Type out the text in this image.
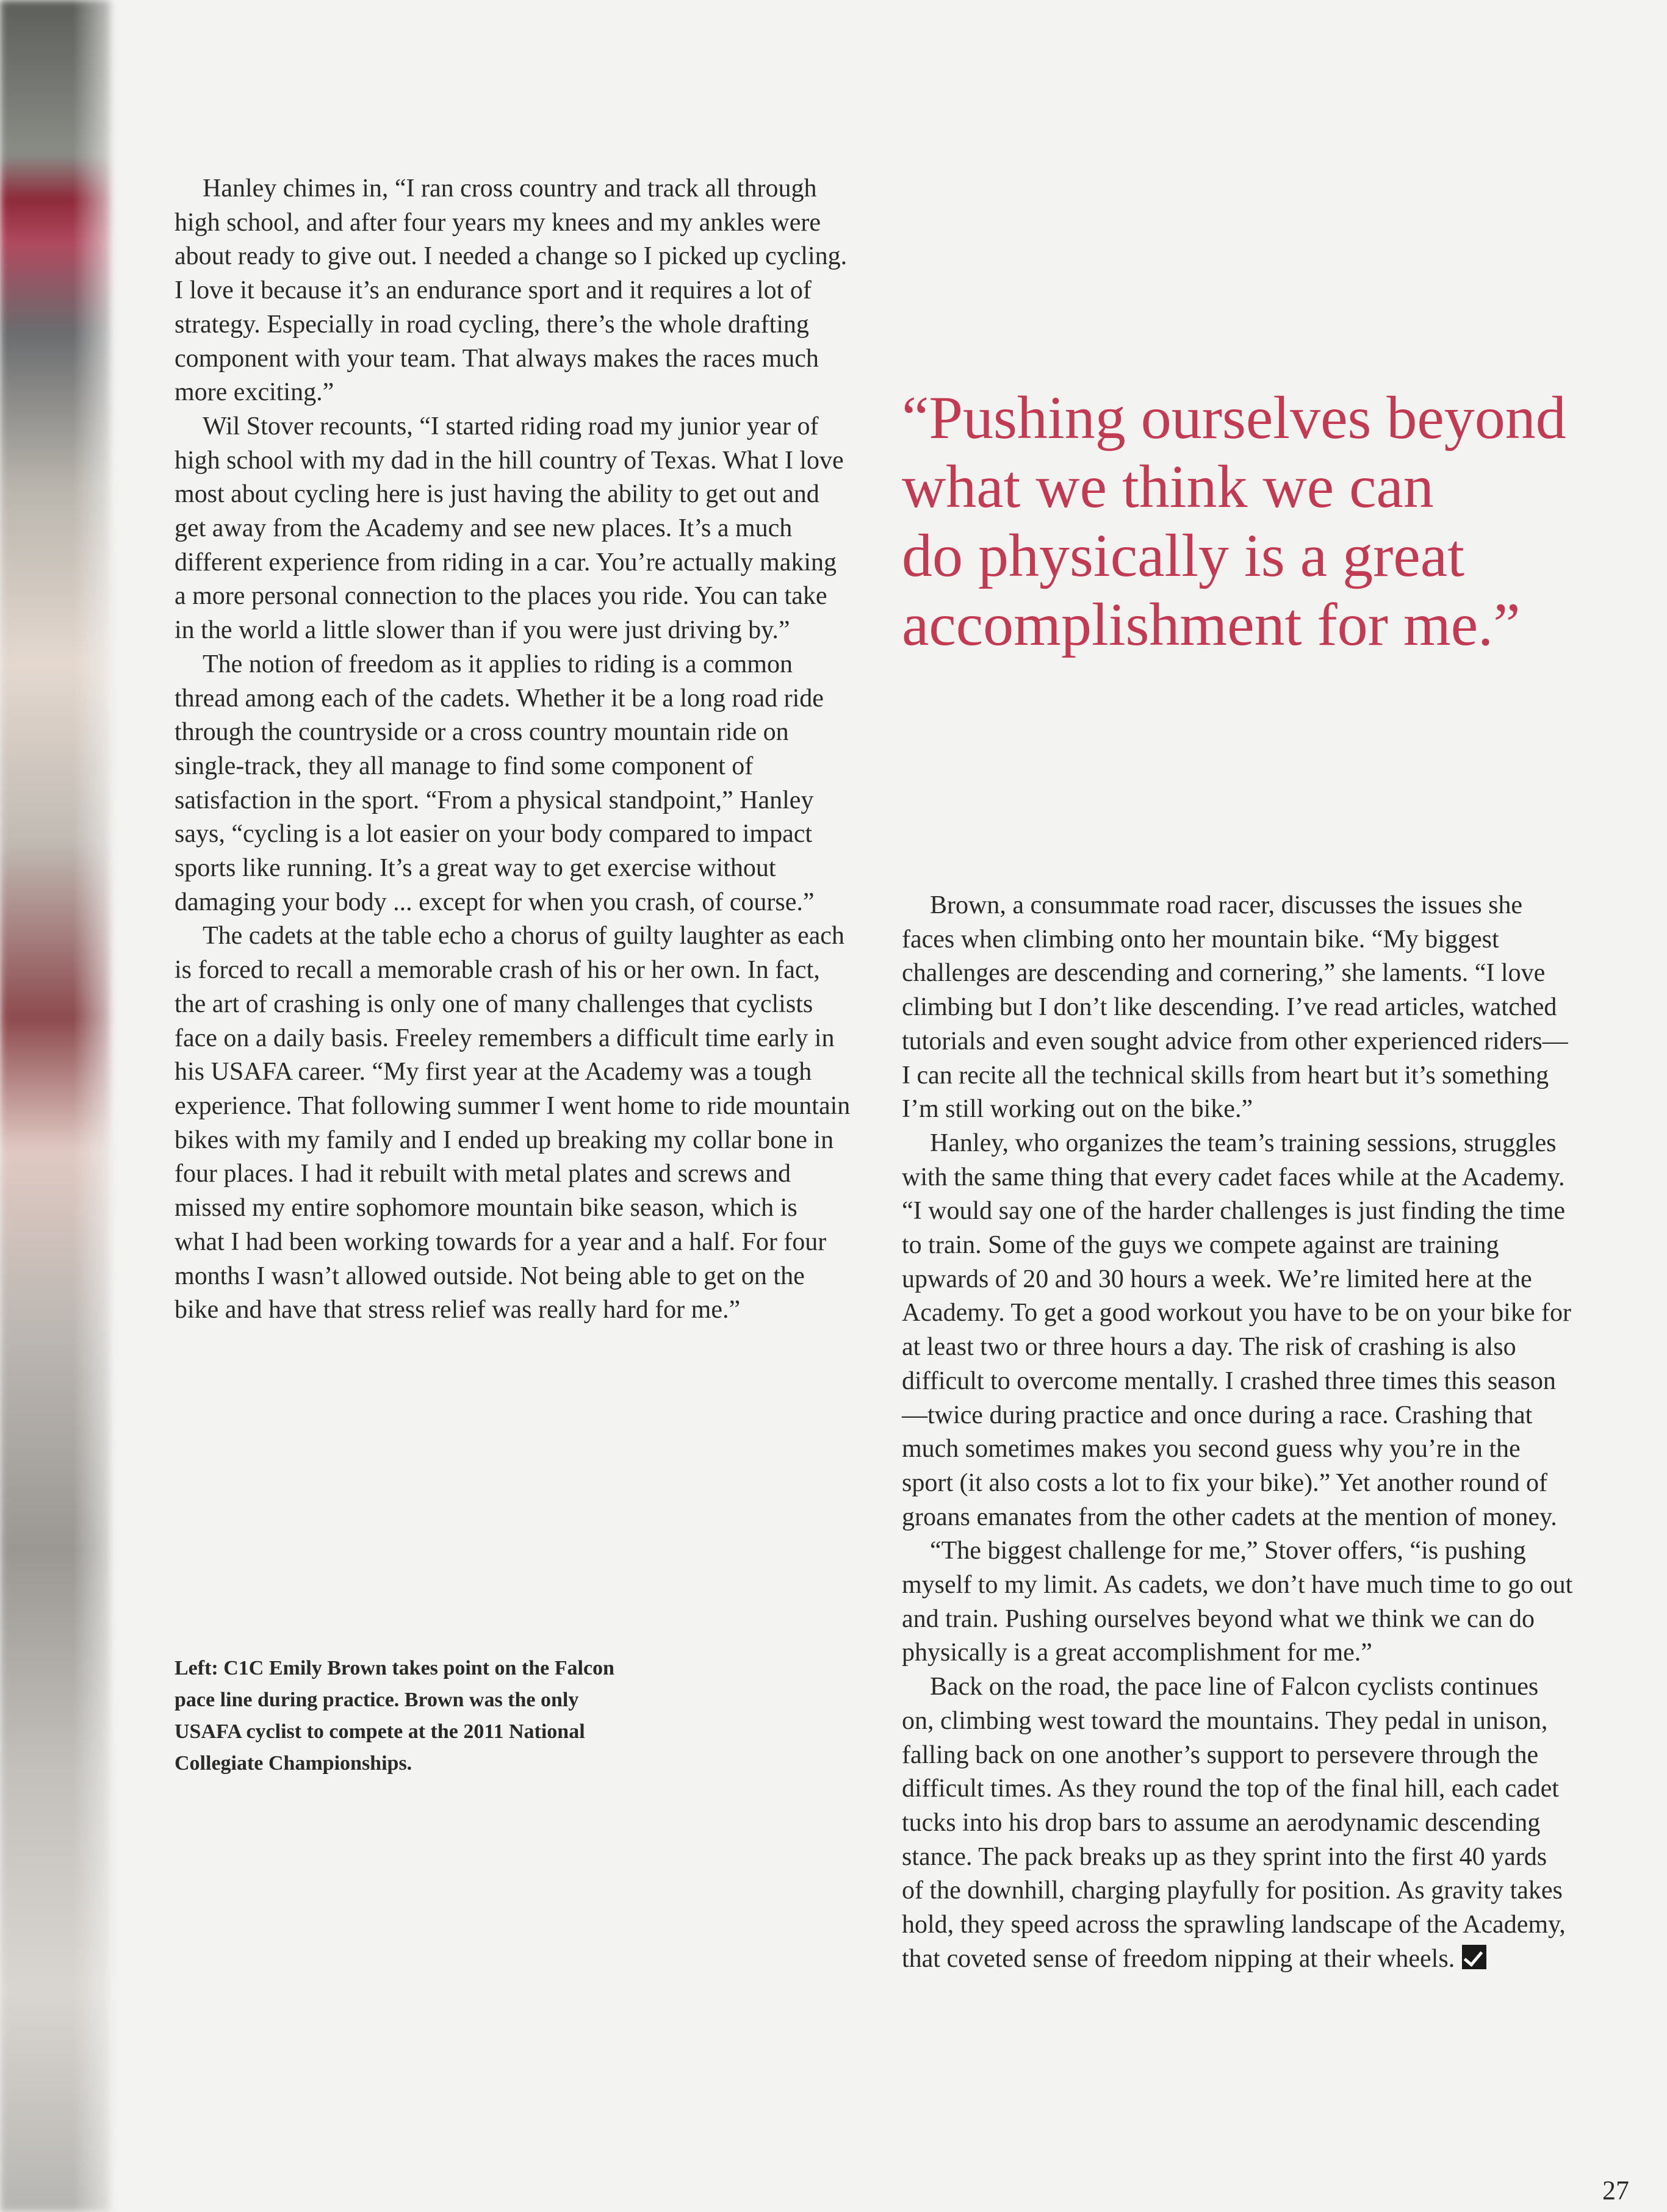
Hanley chimes in, “I ran cross country and track all through high school, and after four years my knees and my ankles were about ready to give out. I needed a change so I picked up cycling. I love it because it’s an endurance sport and it requires a lot of strategy. Especially in road cycling, there’s the whole drafting component with your team. That always makes the races much more exciting.”

Wil Stover recounts, “I started riding road my junior year of high school with my dad in the hill country of Texas. What I love most about cycling here is just having the ability to get out and get away from the Academy and see new places. It’s a much different experience from riding in a car. You’re actually making a more personal connection to the places you ride. You can take in the world a little slower than if you were just driving by.”

The notion of freedom as it applies to riding is a common thread among each of the cadets. Whether it be a long road ride through the countryside or a cross country mountain ride on single-track, they all manage to find some component of satisfaction in the sport. “From a physical standpoint,” Hanley says, “cycling is a lot easier on your body compared to impact sports like running. It’s a great way to get exercise without damaging your body ... except for when you crash, of course.”

The cadets at the table echo a chorus of guilty laughter as each is forced to recall a memorable crash of his or her own. In fact, the art of crashing is only one of many challenges that cyclists face on a daily basis. Freeley remembers a difficult time early in his USAFA career. “My first year at the Academy was a tough experience. That following summer I went home to ride mountain bikes with my family and I ended up breaking my collar bone in four places. I had it rebuilt with metal plates and screws and missed my entire sophomore mountain bike season, which is what I had been working towards for a year and a half. For four months I wasn’t allowed outside. Not being able to get on the bike and have that stress relief was really hard for me.”

“Pushing ourselves beyond
what we think we can
do physically is a great
accomplishment for me.”

Brown, a consummate road racer, discusses the issues she faces when climbing onto her mountain bike. “My biggest challenges are descending and cornering,” she laments. “I love climbing but I don’t like descending. I’ve read articles, watched tutorials and even sought advice from other experienced riders—I can recite all the technical skills from heart but it’s something I’m still working out on the bike.”

Hanley, who organizes the team’s training sessions, struggles with the same thing that every cadet faces while at the Academy. “I would say one of the harder challenges is just finding the time to train. Some of the guys we compete against are training upwards of 20 and 30 hours a week. We’re limited here at the Academy. To get a good workout you have to be on your bike for at least two or three hours a day. The risk of crashing is also difficult to overcome mentally. I crashed three times this season—twice during practice and once during a race. Crashing that much sometimes makes you second guess why you’re in the sport (it also costs a lot to fix your bike).” Yet another round of groans emanates from the other cadets at the mention of money.

“The biggest challenge for me,” Stover offers, “is pushing myself to my limit. As cadets, we don’t have much time to go out and train. Pushing ourselves beyond what we think we can do physically is a great accomplishment for me.”

Back on the road, the pace line of Falcon cyclists continues on, climbing west toward the mountains. They pedal in unison, falling back on one another’s support to persevere through the difficult times. As they round the top of the final hill, each cadet tucks into his drop bars to assume an aerodynamic descending stance. The pack breaks up as they sprint into the first 40 yards of the downhill, charging playfully for position. As gravity takes hold, they speed across the sprawling landscape of the Academy, that coveted sense of freedom nipping at their wheels.

Left: C1C Emily Brown takes point on the Falcon pace line during practice. Brown was the only USAFA cyclist to compete at the 2011 National Collegiate Championships.
27
